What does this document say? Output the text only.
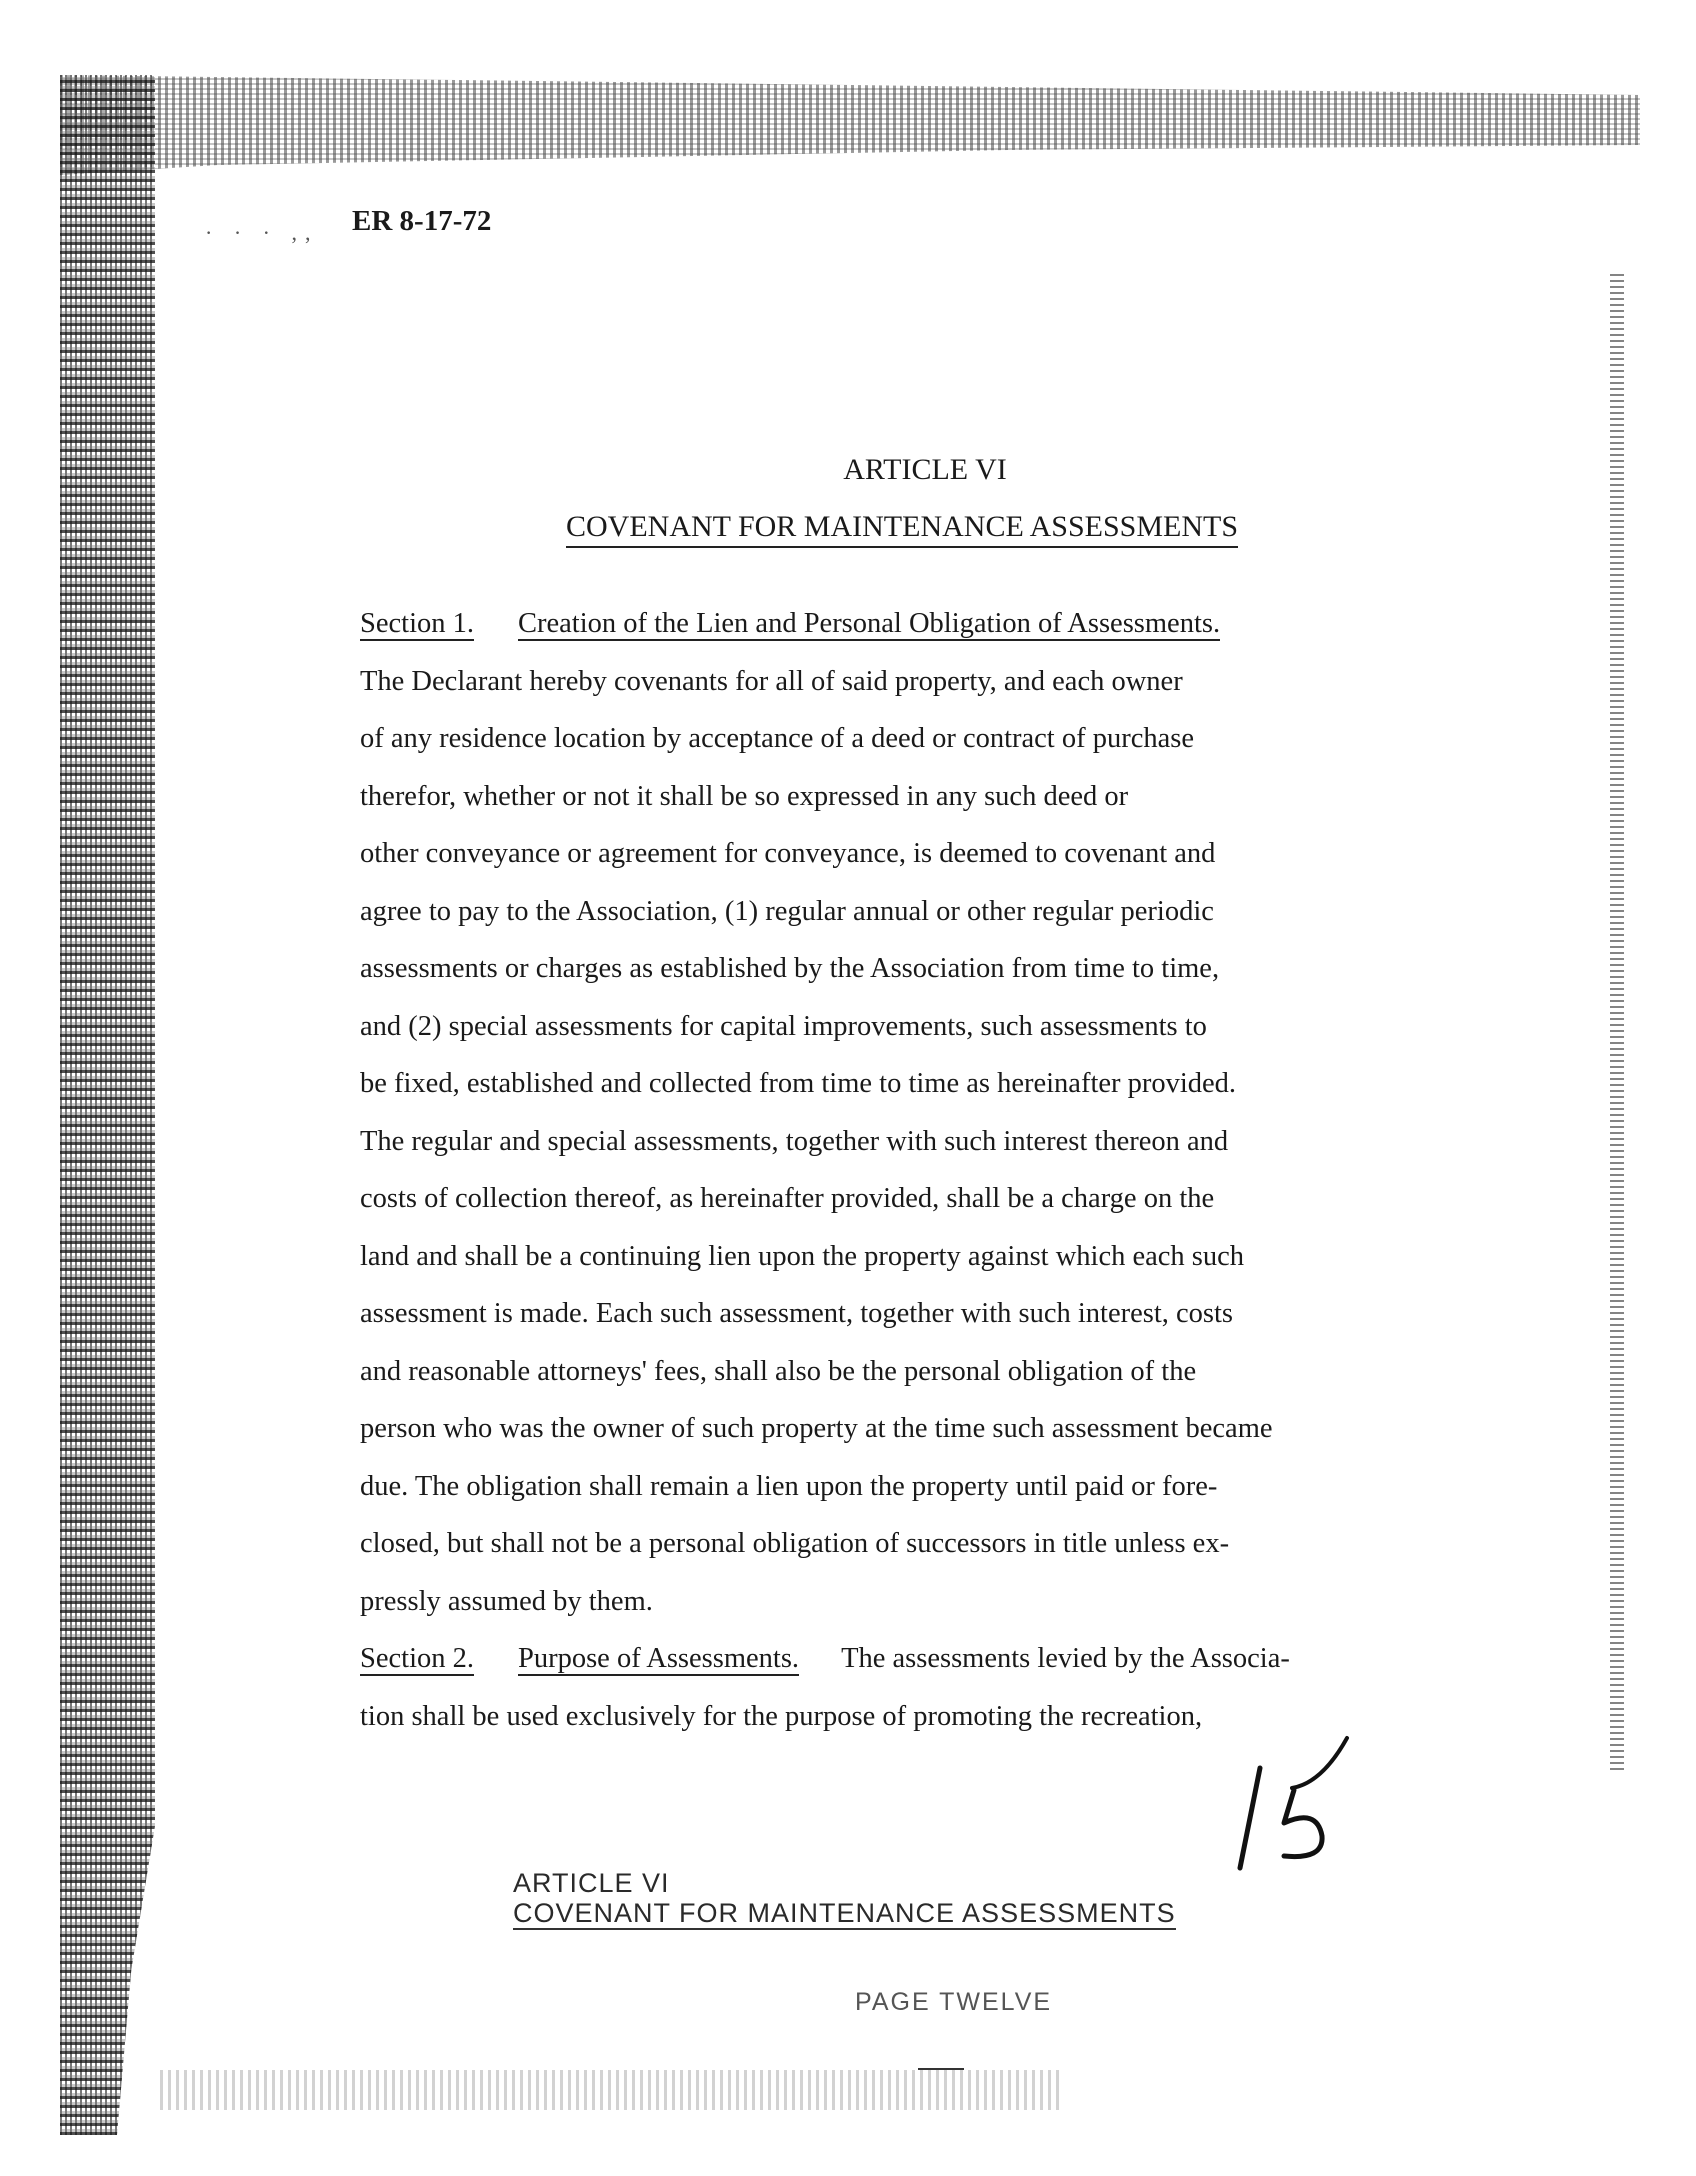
· · · ,, ER 8-17-72
ARTICLE VI
COVENANT FOR MAINTENANCE ASSESSMENTS
Section 1. Creation of the Lien and Personal Obligation of Assessments.
The Declarant hereby covenants for all of said property, and each owner
of any residence location by acceptance of a deed or contract of purchase
therefor, whether or not it shall be so expressed in any such deed or
other conveyance or agreement for conveyance, is deemed to covenant and
agree to pay to the Association, (1) regular annual or other regular periodic
assessments or charges as established by the Association from time to time,
and (2) special assessments for capital improvements, such assessments to
be fixed, established and collected from time to time as hereinafter provided.
The regular and special assessments, together with such interest thereon and
costs of collection thereof, as hereinafter provided, shall be a charge on the
land and shall be a continuing lien upon the property against which each such
assessment is made. Each such assessment, together with such interest, costs
and reasonable attorneys' fees, shall also be the personal obligation of the
person who was the owner of such property at the time such assessment became
due. The obligation shall remain a lien upon the property until paid or fore-
closed, but shall not be a personal obligation of successors in title unless ex-
pressly assumed by them.
Section 2. Purpose of Assessments. The assessments levied by the Associa-
tion shall be used exclusively for the purpose of promoting the recreation,
ARTICLE VI
COVENANT FOR MAINTENANCE ASSESSMENTS
PAGE TWELVE
